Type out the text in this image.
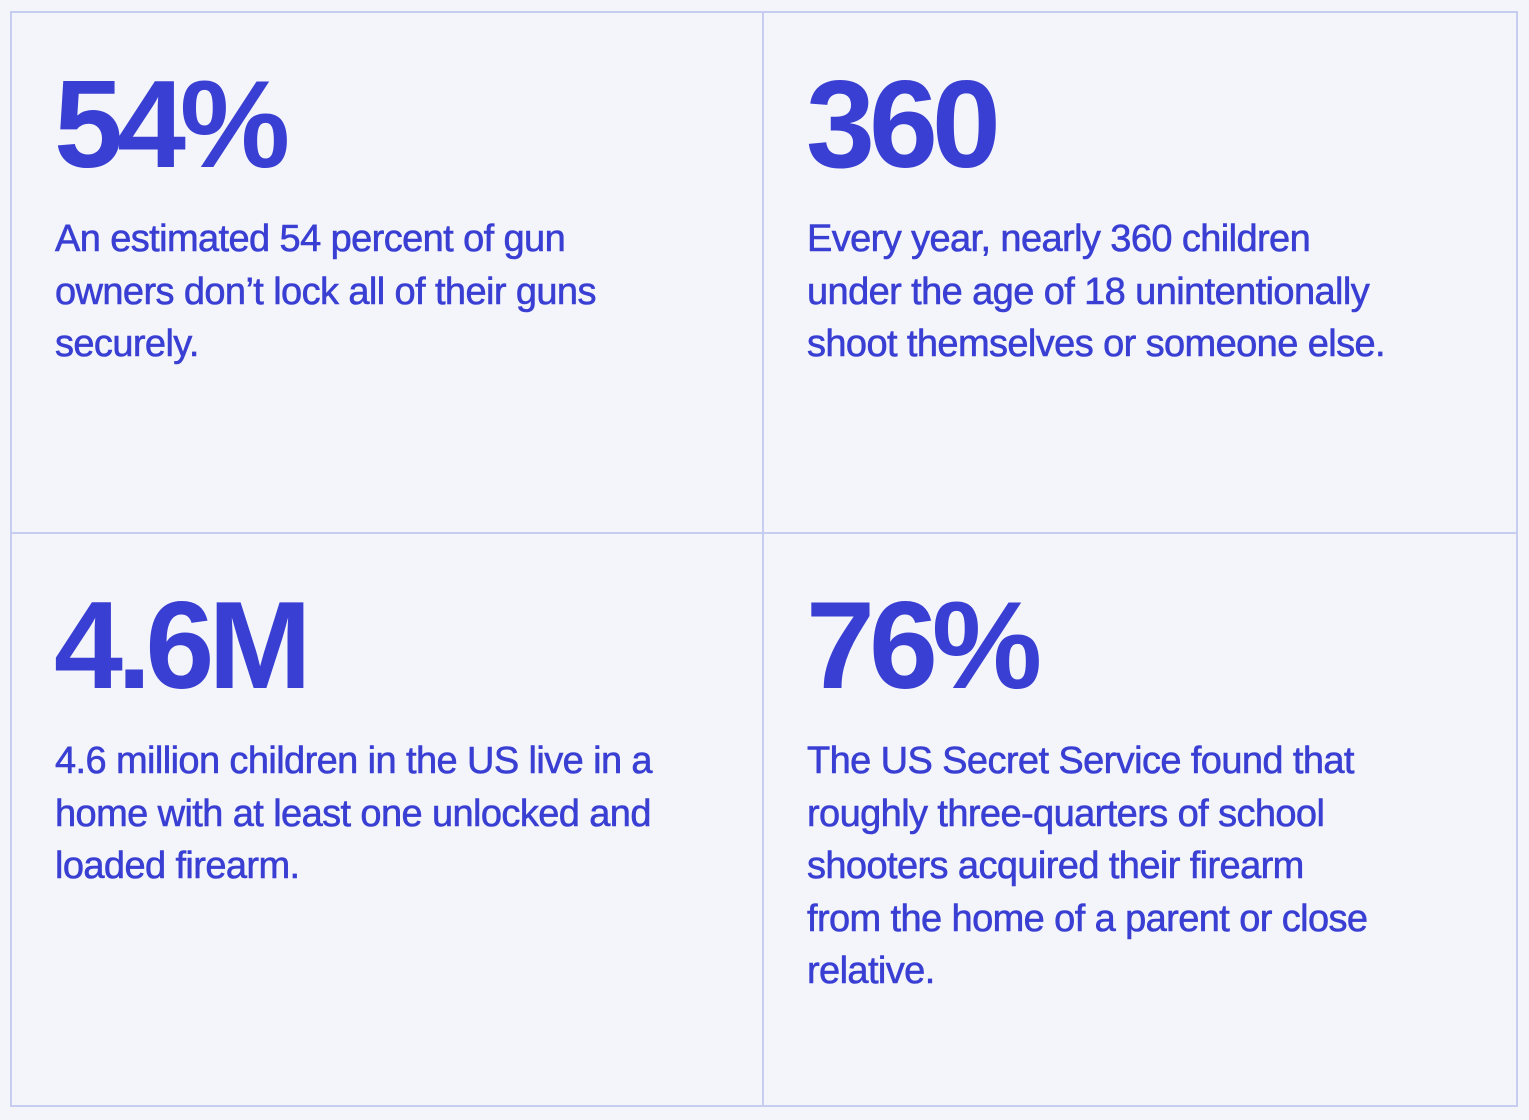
54%

An estimated 54 percent of gun owners don’t lock all of their guns securely.

360

Every year, nearly 360 children under the age of 18 unintentionally shoot themselves or someone else.

4.6M

4.6 million children in the US live in a home with at least one unlocked and loaded firearm.

76%

The US Secret Service found that roughly three-quarters of school shooters acquired their firearm from the home of a parent or close relative.
